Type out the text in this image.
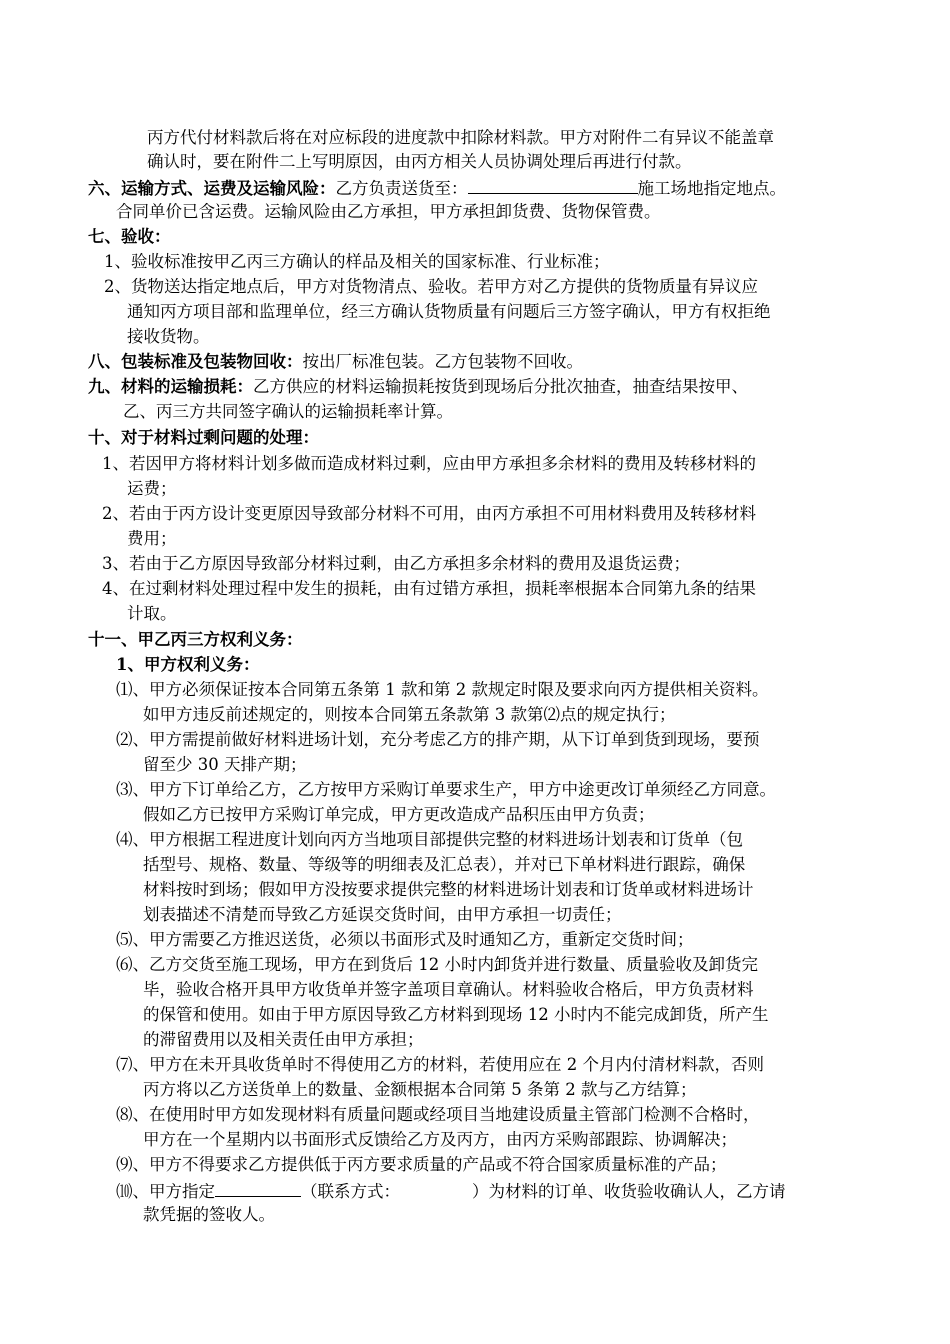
丙方代付材料款后将在对应标段的进度款中扣除材料款。甲方对附件二有异议不能盖章
确认时，要在附件二上写明原因，由丙方相关人员协调处理后再进行付款。
六、运输方式、运费及运输风险：乙方负责送货至：	施工场地指定地点。
合同单价已含运费。运输风险由乙方承担，甲方承担卸货费、货物保管费。
七、验收：
1、验收标准按甲乙丙三方确认的样品及相关的国家标准、行业标准；
2、货物送达指定地点后，甲方对货物清点、验收。若甲方对乙方提供的货物质量有异议应
通知丙方项目部和监理单位，经三方确认货物质量有问题后三方签字确认，甲方有权拒绝
接收货物。
八、包装标准及包装物回收：按出厂标准包装。乙方包装物不回收。
九、材料的运输损耗：乙方供应的材料运输损耗按货到现场后分批次抽查，抽查结果按甲、
乙、丙三方共同签字确认的运输损耗率计算。
十、对于材料过剩问题的处理：
1、若因甲方将材料计划多做而造成材料过剩，应由甲方承担多余材料的费用及转移材料的
运费；
2、若由于丙方设计变更原因导致部分材料不可用，由丙方承担不可用材料费用及转移材料
费用；
3、若由于乙方原因导致部分材料过剩，由乙方承担多余材料的费用及退货运费；
4、在过剩材料处理过程中发生的损耗，由有过错方承担，损耗率根据本合同第九条的结果
计取。
十一、甲乙丙三方权利义务：
1、甲方权利义务：
⑴、甲方必须保证按本合同第五条第 1 款和第 2 款规定时限及要求向丙方提供相关资料。
如甲方违反前述规定的，则按本合同第五条款第 3 款第⑵点的规定执行；
⑵、甲方需提前做好材料进场计划，充分考虑乙方的排产期，从下订单到货到现场，要预
留至少 30 天排产期；
⑶、甲方下订单给乙方，乙方按甲方采购订单要求生产，甲方中途更改订单须经乙方同意。
假如乙方已按甲方采购订单完成，甲方更改造成产品积压由甲方负责；
⑷、甲方根据工程进度计划向丙方当地项目部提供完整的材料进场计划表和订货单（包
括型号、规格、数量、等级等的明细表及汇总表），并对已下单材料进行跟踪，确保
材料按时到场；假如甲方没按要求提供完整的材料进场计划表和订货单或材料进场计
划表描述不清楚而导致乙方延误交货时间，由甲方承担一切责任；
⑸、甲方需要乙方推迟送货，必须以书面形式及时通知乙方，重新定交货时间；
⑹、乙方交货至施工现场，甲方在到货后 12 小时内卸货并进行数量、质量验收及卸货完
毕，验收合格开具甲方收货单并签字盖项目章确认。材料验收合格后，甲方负责材料
的保管和使用。如由于甲方原因导致乙方材料到现场 12 小时内不能完成卸货，所产生
的滞留费用以及相关责任由甲方承担；
⑺、甲方在未开具收货单时不得使用乙方的材料，若使用应在 2 个月内付清材料款，否则
丙方将以乙方送货单上的数量、金额根据本合同第 5 条第 2 款与乙方结算；
⑻、在使用时甲方如发现材料有质量问题或经项目当地建设质量主管部门检测不合格时，
甲方在一个星期内以书面形式反馈给乙方及丙方，由丙方采购部跟踪、协调解决；
⑼、甲方不得要求乙方提供低于丙方要求质量的产品或不符合国家质量标准的产品；
⑽、甲方指定	（联系方式：	）为材料的订单、收货验收确认人，乙方请
款凭据的签收人。
